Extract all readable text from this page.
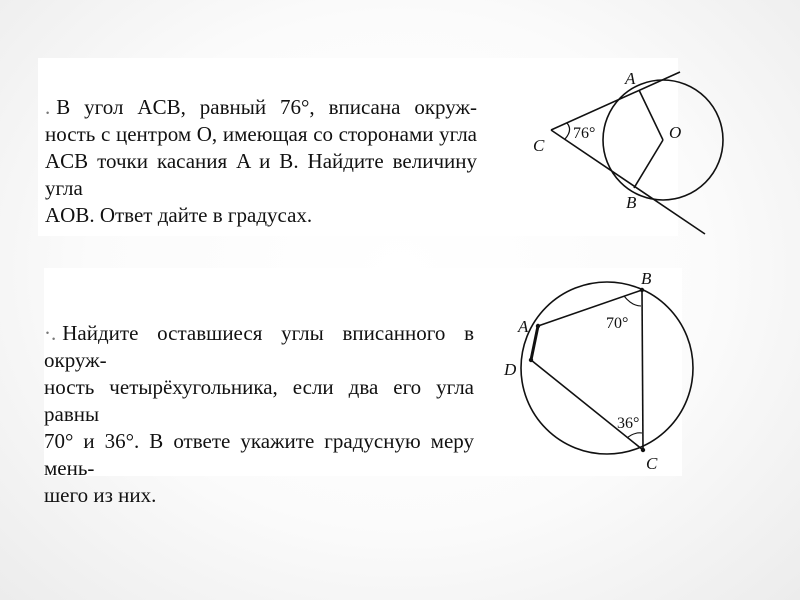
. В угол ACB, равный 76°, вписана окруж-
ность с центром O, имеющая со сторонами угла
ACB точки касания A и B. Найдите величину угла
AOB. Ответ дайте в градусах.
A
B
C
O
76°
·. Найдите оставшиеся углы вписанного в окруж-
ность четырёхугольника, если два его угла равны
70° и 36°. В ответе укажите градусную меру мень-
шего из них.
A
B
C
D
70°
36°
